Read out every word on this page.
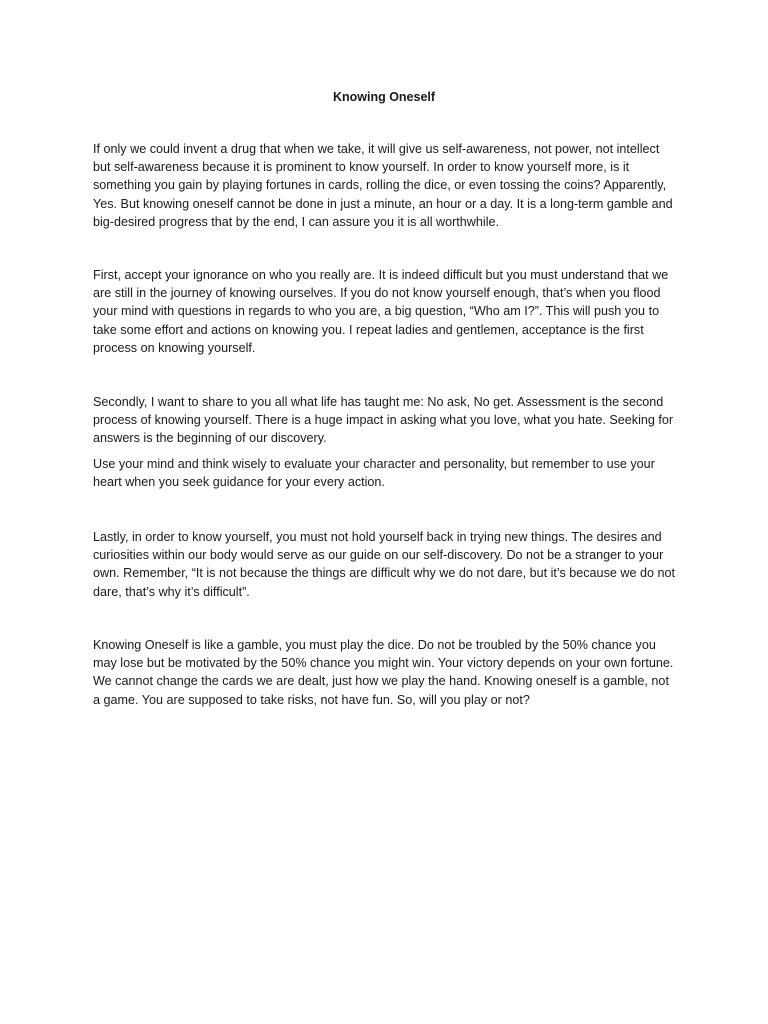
Knowing Oneself

If only we could invent a drug that when we take, it will give us self-awareness, not power, not intellect but self-awareness because it is prominent to know yourself. In order to know yourself more, is it something you gain by playing fortunes in cards, rolling the dice, or even tossing the coins? Apparently, Yes. But knowing oneself cannot be done in just a minute, an hour or a day. It is a long-term gamble and big-desired progress that by the end, I can assure you it is all worthwhile.

First, accept your ignorance on who you really are. It is indeed difficult but you must understand that we are still in the journey of knowing ourselves. If you do not know yourself enough, that’s when you flood your mind with questions in regards to who you are, a big question, “Who am I?”. This will push you to take some effort and actions on knowing you. I repeat ladies and gentlemen, acceptance is the first process on knowing yourself.

Secondly, I want to share to you all what life has taught me: No ask, No get. Assessment is the second process of knowing yourself. There is a huge impact in asking what you love, what you hate. Seeking for answers is the beginning of our discovery.

Use your mind and think wisely to evaluate your character and personality, but remember to use your heart when you seek guidance for your every action.

Lastly, in order to know yourself, you must not hold yourself back in trying new things. The desires and curiosities within our body would serve as our guide on our self-discovery. Do not be a stranger to your own. Remember, “It is not because the things are difficult why we do not dare, but it’s because we do not dare, that’s why it’s difficult”.

Knowing Oneself is like a gamble, you must play the dice. Do not be troubled by the 50% chance you may lose but be motivated by the 50% chance you might win. Your victory depends on your own fortune. We cannot change the cards we are dealt, just how we play the hand. Knowing oneself is a gamble, not a game. You are supposed to take risks, not have fun. So, will you play or not?
